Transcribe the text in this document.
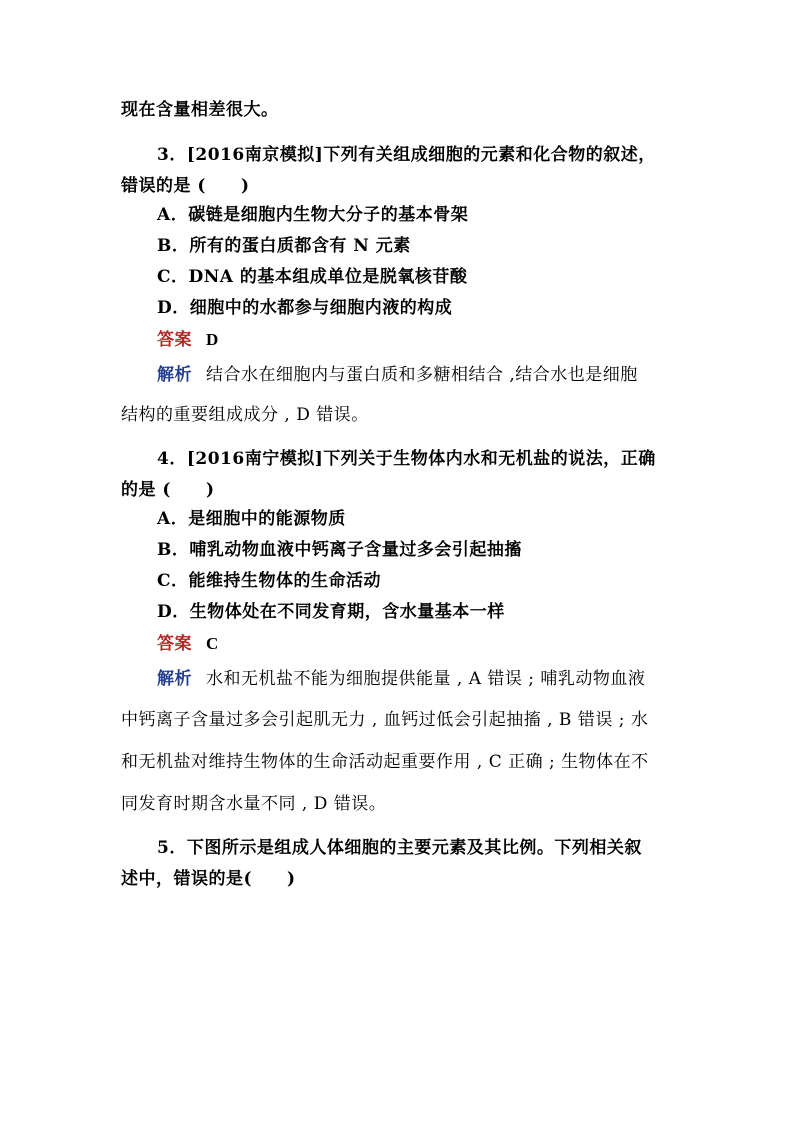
现在含量相差很大。
3．[2016南京模拟]下列有关组成细胞的元素和化合物的叙述，
错误的是 (　　)
A．碳链是细胞内生物大分子的基本骨架
B．所有的蛋白质都含有 N 元素
C．DNA 的基本组成单位是脱氧核苷酸
D．细胞中的水都参与细胞内液的构成
答案 D
解析 结合水在细胞内与蛋白质和多糖相结合 ,结合水也是细胞
结构的重要组成成分 , D 错误。
4．[2016南宁模拟]下列关于生物体内水和无机盐的说法，正确
的是 (　　)
A．是细胞中的能源物质
B．哺乳动物血液中钙离子含量过多会引起抽搐
C．能维持生物体的生命活动
D．生物体处在不同发育期，含水量基本一样
答案 C
解析 水和无机盐不能为细胞提供能量 , A 错误 ; 哺乳动物血液
中钙离子含量过多会引起肌无力 , 血钙过低会引起抽搐 , B 错误 ; 水
和无机盐对维持生物体的生命活动起重要作用 , C 正确 ; 生物体在不
同发育时期含水量不同 , D 错误。
5．下图所示是组成人体细胞的主要元素及其比例。下列相关叙
述中，错误的是(　　)
